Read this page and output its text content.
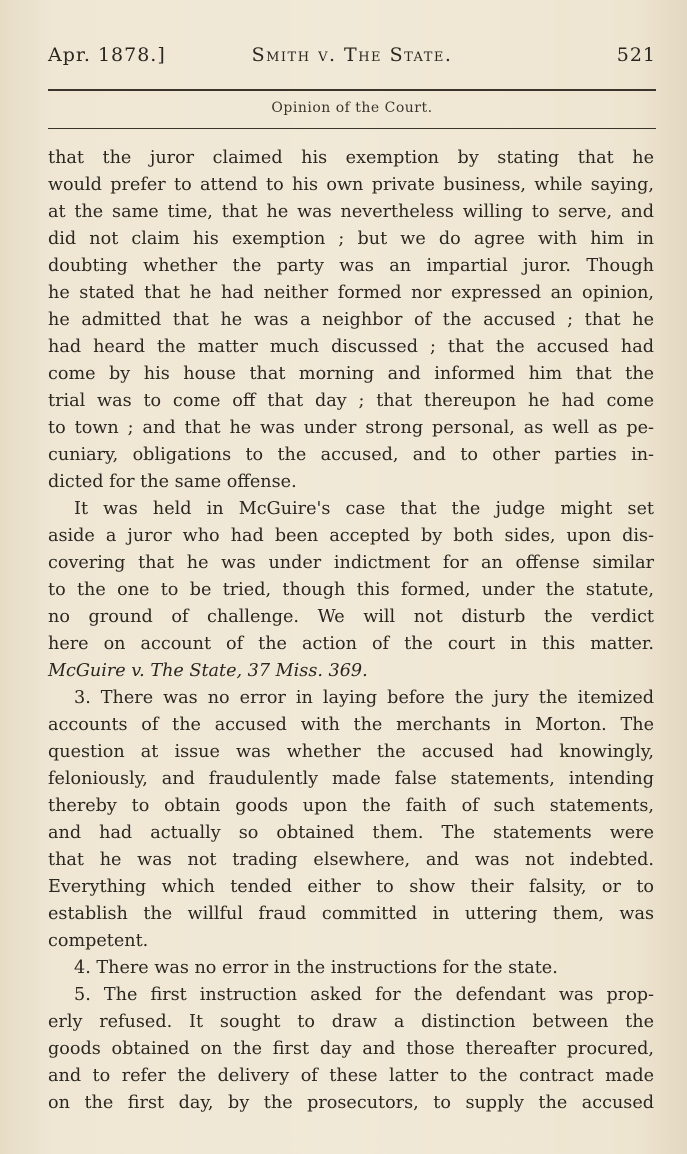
Apr. 1878.]	Smith v. The State.	521
Opinion of the Court.
that the juror claimed his exemption by stating that he
would prefer to attend to his own private business, while saying,
at the same time, that he was nevertheless willing to serve, and
did not claim his exemption ; but we do agree with him in
doubting whether the party was an impartial juror. Though
he stated that he had neither formed nor expressed an opinion,
he admitted that he was a neighbor of the accused ; that he
had heard the matter much discussed ; that the accused had
come by his house that morning and informed him that the
trial was to come off that day ; that thereupon he had come
to town ; and that he was under strong personal, as well as pe-
cuniary, obligations to the accused, and to other parties in-
dicted for the same offense.
It was held in McGuire's case that the judge might set
aside a juror who had been accepted by both sides, upon dis-
covering that he was under indictment for an offense similar
to the one to be tried, though this formed, under the statute,
no ground of challenge. We will not disturb the verdict
here on account of the action of the court in this matter.
McGuire v. The State, 37 Miss. 369.
3. There was no error in laying before the jury the itemized
accounts of the accused with the merchants in Morton. The
question at issue was whether the accused had knowingly,
feloniously, and fraudulently made false statements, intending
thereby to obtain goods upon the faith of such statements,
and had actually so obtained them. The statements were
that he was not trading elsewhere, and was not indebted.
Everything which tended either to show their falsity, or to
establish the willful fraud committed in uttering them, was
competent.
4. There was no error in the instructions for the state.
5. The first instruction asked for the defendant was prop-
erly refused. It sought to draw a distinction between the
goods obtained on the first day and those thereafter procured,
and to refer the delivery of these latter to the contract made
on the first day, by the prosecutors, to supply the accused
